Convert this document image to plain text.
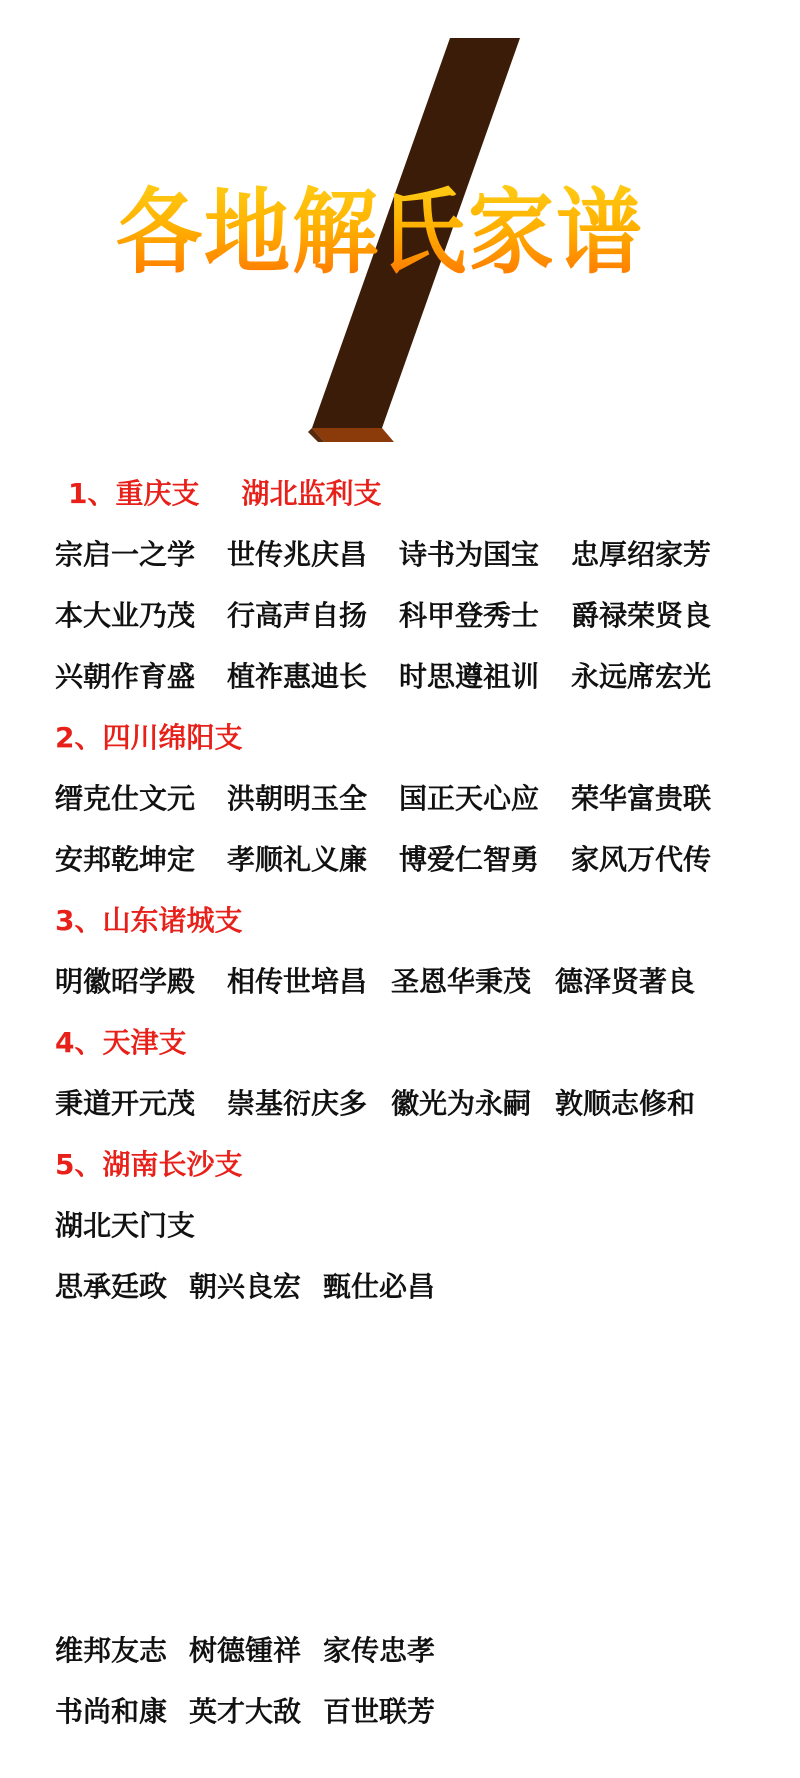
各地解氏家谱
1、重庆支 湖北监利支
宗启一之学 世传兆庆昌 诗书为国宝 忠厚绍家芳
本大业乃茂 行高声自扬 科甲登秀士 爵禄荣贤良
兴朝作育盛 植祚惠迪长 时思遵祖训 永远席宏光
2、四川绵阳支
缙克仕文元 洪朝明玉全 国正天心应 荣华富贵联
安邦乾坤定 孝顺礼义廉 博爱仁智勇 家风万代传
3、山东诸城支
明徽昭学殿 相传世培昌 圣恩华秉茂 德泽贤著良
4、天津支
秉道开元茂 崇基衍庆多 徽光为永嗣 敦顺志修和
5、湖南长沙支
湖北天门支
思承廷政 朝兴良宏 甄仕必昌
维邦友志 树德锺祥 家传忠孝
书尚和康 英才大敌 百世联芳
